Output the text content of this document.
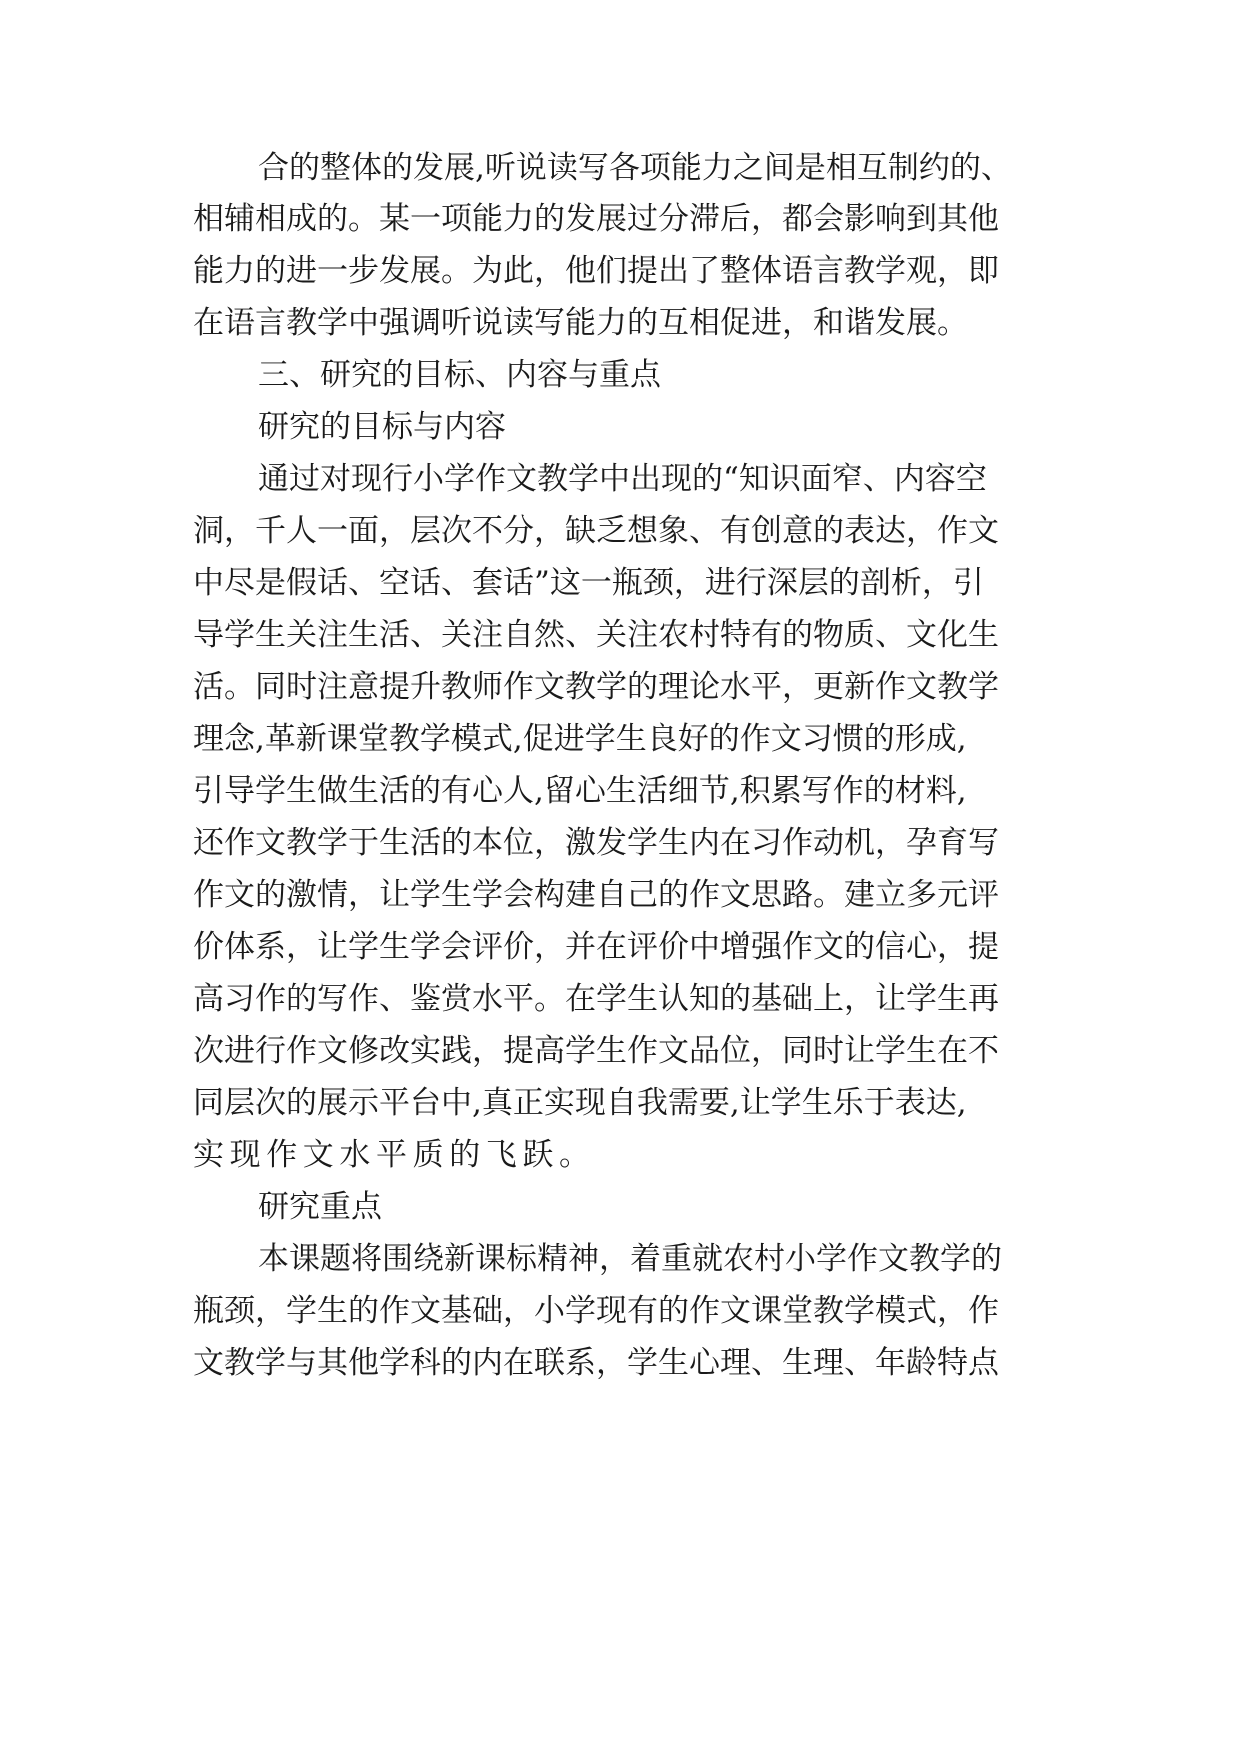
合的整体的发展,听说读写各项能力之间是相互制约的、
相辅相成的。某一项能力的发展过分滞后，都会影响到其他
能力的进一步发展。为此，他们提出了整体语言教学观，即
在语言教学中强调听说读写能力的互相促进，和谐发展。
三、研究的目标、内容与重点
研究的目标与内容
通过对现行小学作文教学中出现的“知识面窄、内容空
洞，千人一面，层次不分，缺乏想象、有创意的表达，作文
中尽是假话、空话、套话”这一瓶颈，进行深层的剖析，引
导学生关注生活、关注自然、关注农村特有的物质、文化生
活。同时注意提升教师作文教学的理论水平，更新作文教学
理念,革新课堂教学模式,促进学生良好的作文习惯的形成,
引导学生做生活的有心人,留心生活细节,积累写作的材料,
还作文教学于生活的本位，激发学生内在习作动机，孕育写
作文的激情，让学生学会构建自己的作文思路。建立多元评
价体系，让学生学会评价，并在评价中增强作文的信心，提
高习作的写作、鉴赏水平。在学生认知的基础上，让学生再
次进行作文修改实践，提高学生作文品位，同时让学生在不
同层次的展示平台中,真正实现自我需要,让学生乐于表达,
实现作文水平质的飞跃。
研究重点
本课题将围绕新课标精神，着重就农村小学作文教学的
瓶颈，学生的作文基础，小学现有的作文课堂教学模式，作
文教学与其他学科的内在联系，学生心理、生理、年龄特点
